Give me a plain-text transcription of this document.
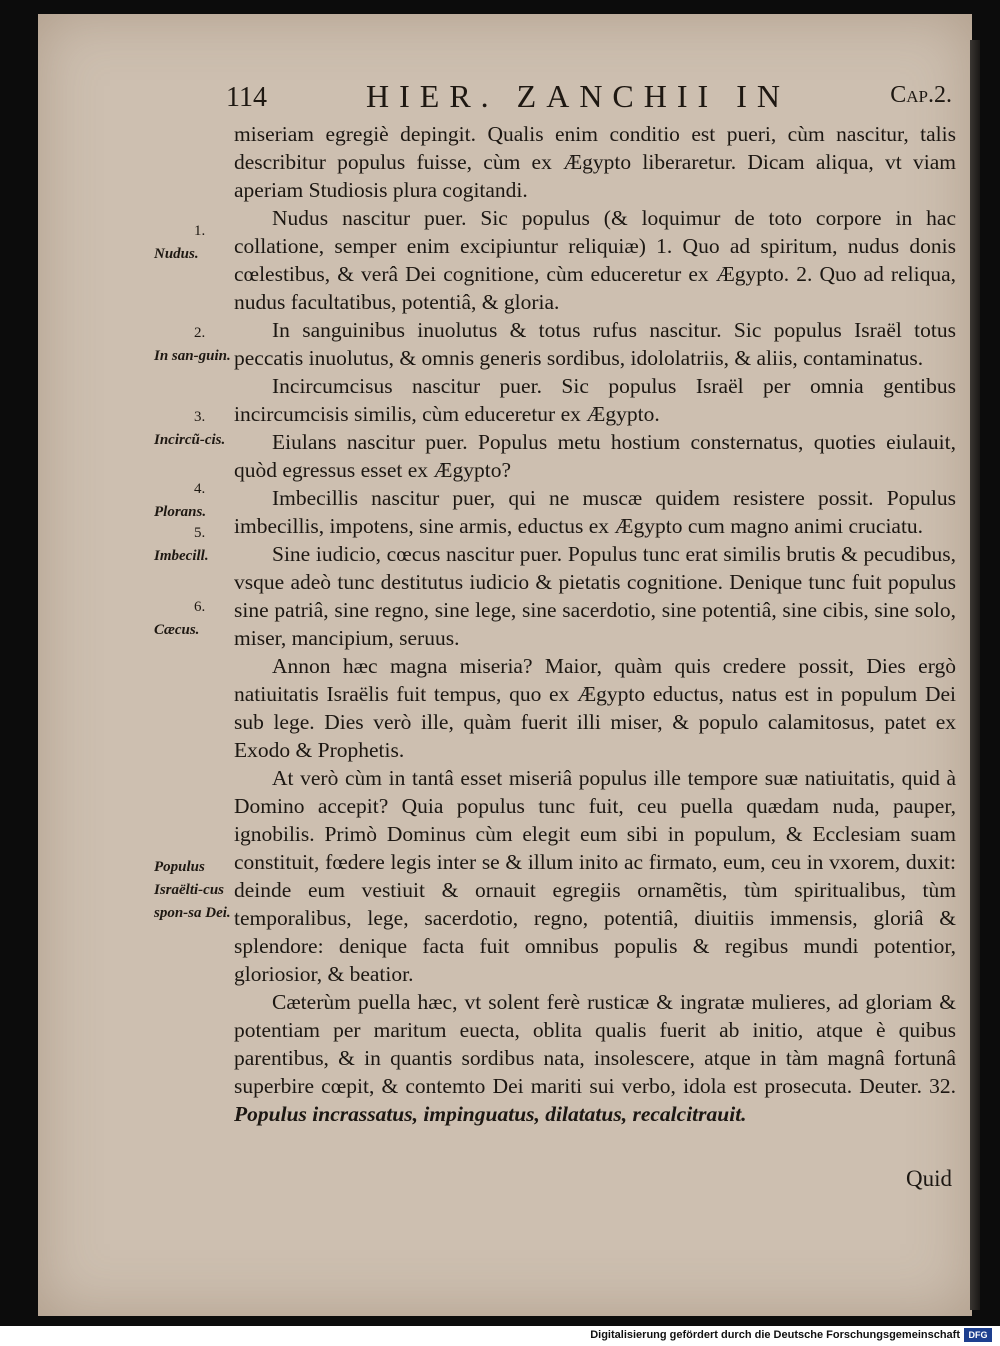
114	HIER. ZANCHII IN	Cap.2.
1.
Nudus.
2.
In san-guin.
3.
Incircũ-cis.
4.
Plorans.
5.
Imbecill.
6.
Cæcus.
Populus Israëlti-cus spon-sa Dei.

miseriam egregiè depingit. Qualis enim conditio est pueri, cùm nascitur, talis describitur populus fuisse, cùm ex Ægypto liberaretur. Dicam aliqua, vt viam aperiam Studiosis plura cogitandi.

Nudus nascitur puer. Sic populus (& loquimur de toto corpore in hac collatione, semper enim excipiuntur reliquiæ) 1. Quo ad spiritum, nudus donis cœlestibus, & verâ Dei cognitione, cùm educeretur ex Ægypto. 2. Quo ad reliqua, nudus facultatibus, potentiâ, & gloria.

In sanguinibus inuolutus & totus rufus nascitur. Sic populus Israël totus peccatis inuolutus, & omnis generis sordibus, idololatriis, & aliis, contaminatus.

Incircumcisus nascitur puer. Sic populus Israël per omnia gentibus incircumcisis similis, cùm educeretur ex Ægypto.

Eiulans nascitur puer. Populus metu hostium consternatus, quoties eiulauit, quòd egressus esset ex Ægypto?

Imbecillis nascitur puer, qui ne muscæ quidem resistere possit. Populus imbecillis, impotens, sine armis, eductus ex Ægypto cum magno animi cruciatu.

Sine iudicio, cœcus nascitur puer. Populus tunc erat similis brutis & pecudibus, vsque adeò tunc destitutus iudicio & pietatis cognitione. Denique tunc fuit populus sine patriâ, sine regno, sine lege, sine sacerdotio, sine potentiâ, sine cibis, sine solo, miser, mancipium, seruus.

Annon hæc magna miseria? Maior, quàm quis credere possit, Dies ergò natiuitatis Israëlis fuit tempus, quo ex Ægypto eductus, natus est in populum Dei sub lege. Dies verò ille, quàm fuerit illi miser, & populo calamitosus, patet ex Exodo & Prophetis.

At verò cùm in tantâ esset miseriâ populus ille tempore suæ natiuitatis, quid à Domino accepit? Quia populus tunc fuit, ceu puella quædam nuda, pauper, ignobilis. Primò Dominus cùm elegit eum sibi in populum, & Ecclesiam suam constituit, fœdere legis inter se & illum inito ac firmato, eum, ceu in vxorem, duxit: deinde eum vestiuit & ornauit egregiis ornamẽtis, tùm spiritualibus, tùm temporalibus, lege, sacerdotio, regno, potentiâ, diuitiis immensis, gloriâ & splendore: denique facta fuit omnibus populis & regibus mundi potentior, gloriosior, & beatior.

Cæterùm puella hæc, vt solent ferè rusticæ & ingratæ mulieres, ad gloriam & potentiam per maritum euecta, oblita qualis fuerit ab initio, atque è quibus parentibus, & in quantis sordibus nata, insolescere, atque in tàm magnâ fortunâ superbire cœpit, & contemto Dei mariti sui verbo, idola est prosecuta. Deuter. 32. Populus incrassatus, impinguatus, dilatatus, recalcitrauit.

Quid
Digitalisierung gefördert durch die Deutsche Forschungsgemeinschaft DFG
